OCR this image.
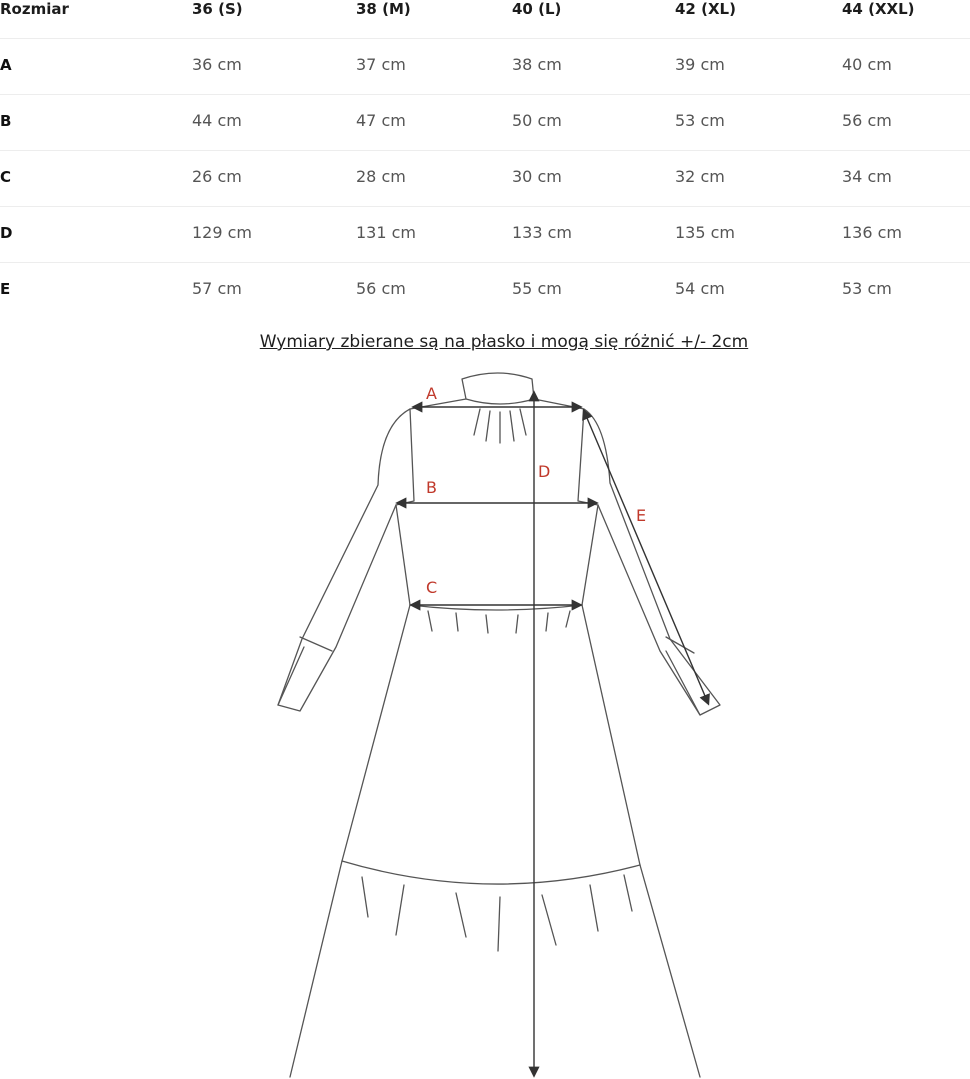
Rozmiar	36 (S)	38 (M)	40 (L)	42 (XL)	44 (XXL)
A	36 cm	37 cm	38 cm	39 cm	40 cm
B	44 cm	47 cm	50 cm	53 cm	56 cm
C	26 cm	28 cm	30 cm	32 cm	34 cm
D	129 cm	131 cm	133 cm	135 cm	136 cm
E	57 cm	56 cm	55 cm	54 cm	53 cm
Wymiary zbierane są na płasko i mogą się różnić +/- 2cm
A
B
C
D
E
